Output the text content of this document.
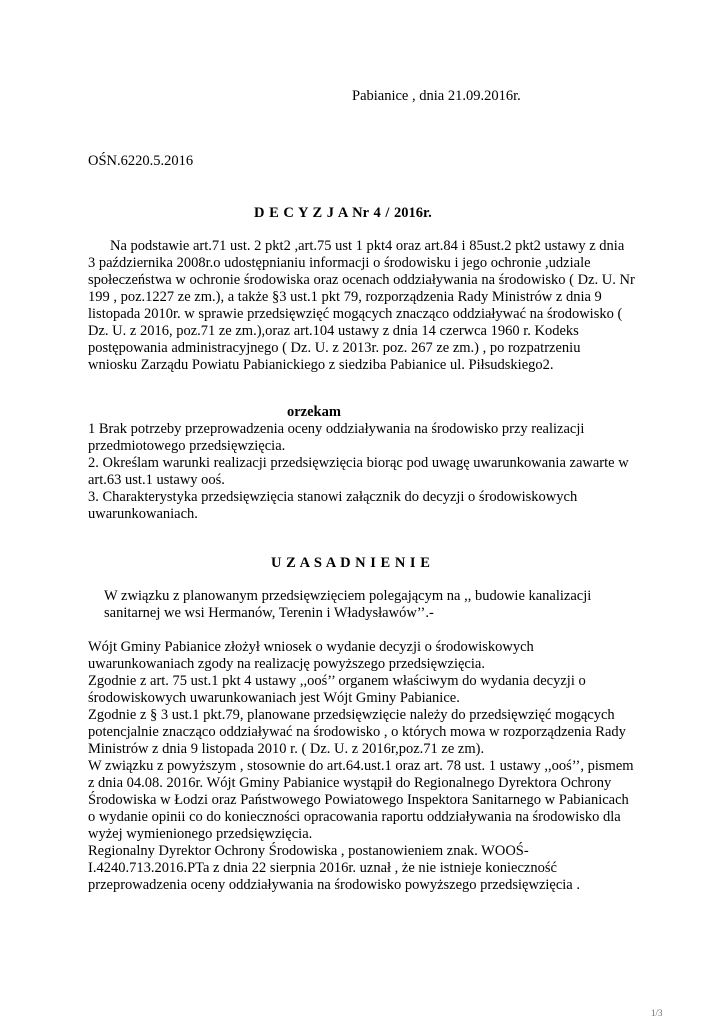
Pabianice , dnia 21.09.2016r.
OŚN.6220.5.2016
D E C Y Z J A Nr 4 / 2016r.
Na podstawie art.71 ust. 2 pkt2 ,art.75 ust 1 pkt4 oraz art.84 i 85ust.2 pkt2 ustawy z dnia
3 października 2008r.o udostępnianiu informacji o środowisku i jego ochronie ,udziale
społeczeństwa w ochronie środowiska oraz ocenach oddziaływania na środowisko ( Dz. U. Nr
199 , poz.1227 ze zm.), a także §3 ust.1 pkt 79, rozporządzenia Rady Ministrów z dnia 9
listopada 2010r. w sprawie przedsięwzięć mogących znacząco oddziaływać na środowisko (
Dz. U. z 2016, poz.71 ze zm.),oraz art.104 ustawy z dnia 14 czerwca 1960 r. Kodeks
postępowania administracyjnego ( Dz. U. z 2013r. poz. 267 ze zm.) , po rozpatrzeniu
wniosku Zarządu Powiatu Pabianickiego z siedziba Pabianice ul. Piłsudskiego2.
orzekam
1 Brak potrzeby przeprowadzenia oceny oddziaływania na środowisko przy realizacji
przedmiotowego przedsięwzięcia.
2. Określam warunki realizacji przedsięwzięcia biorąc pod uwagę uwarunkowania zawarte w
art.63 ust.1 ustawy ooś.
3. Charakterystyka przedsięwzięcia stanowi załącznik do decyzji o środowiskowych
uwarunkowaniach.
U Z A S A D N I E N I E
W związku z planowanym przedsięwzięciem polegającym na ,, budowie kanalizacji
sanitarnej we wsi Hermanów, Terenin i Władysławów’’.-
Wójt Gminy Pabianice złożył wniosek o wydanie decyzji o środowiskowych
uwarunkowaniach zgody na realizację powyższego przedsięwzięcia.
Zgodnie z art. 75 ust.1 pkt 4 ustawy ,,ooś’’ organem właściwym do wydania decyzji o
środowiskowych uwarunkowaniach jest Wójt Gminy Pabianice.
Zgodnie z § 3 ust.1 pkt.79, planowane przedsięwzięcie należy do przedsięwzięć mogących
potencjalnie znacząco oddziaływać na środowisko , o których mowa w rozporządzenia Rady
Ministrów z dnia 9 listopada 2010 r. ( Dz. U. z 2016r,poz.71 ze zm).
W związku z powyższym , stosownie do art.64.ust.1 oraz art. 78 ust. 1 ustawy ,,ooś’’, pismem
z dnia 04.08. 2016r. Wójt Gminy Pabianice wystąpił do Regionalnego Dyrektora Ochrony
Środowiska w Łodzi oraz Państwowego Powiatowego Inspektora Sanitarnego w Pabianicach
o wydanie opinii co do konieczności opracowania raportu oddziaływania na środowisko dla
wyżej wymienionego przedsięwzięcia.
Regionalny Dyrektor Ochrony Środowiska , postanowieniem znak. WOOŚ-
I.4240.713.2016.PTa z dnia 22 sierpnia 2016r. uznał , że nie istnieje konieczność
przeprowadzenia oceny oddziaływania na środowisko powyższego przedsięwzięcia .
1/3
